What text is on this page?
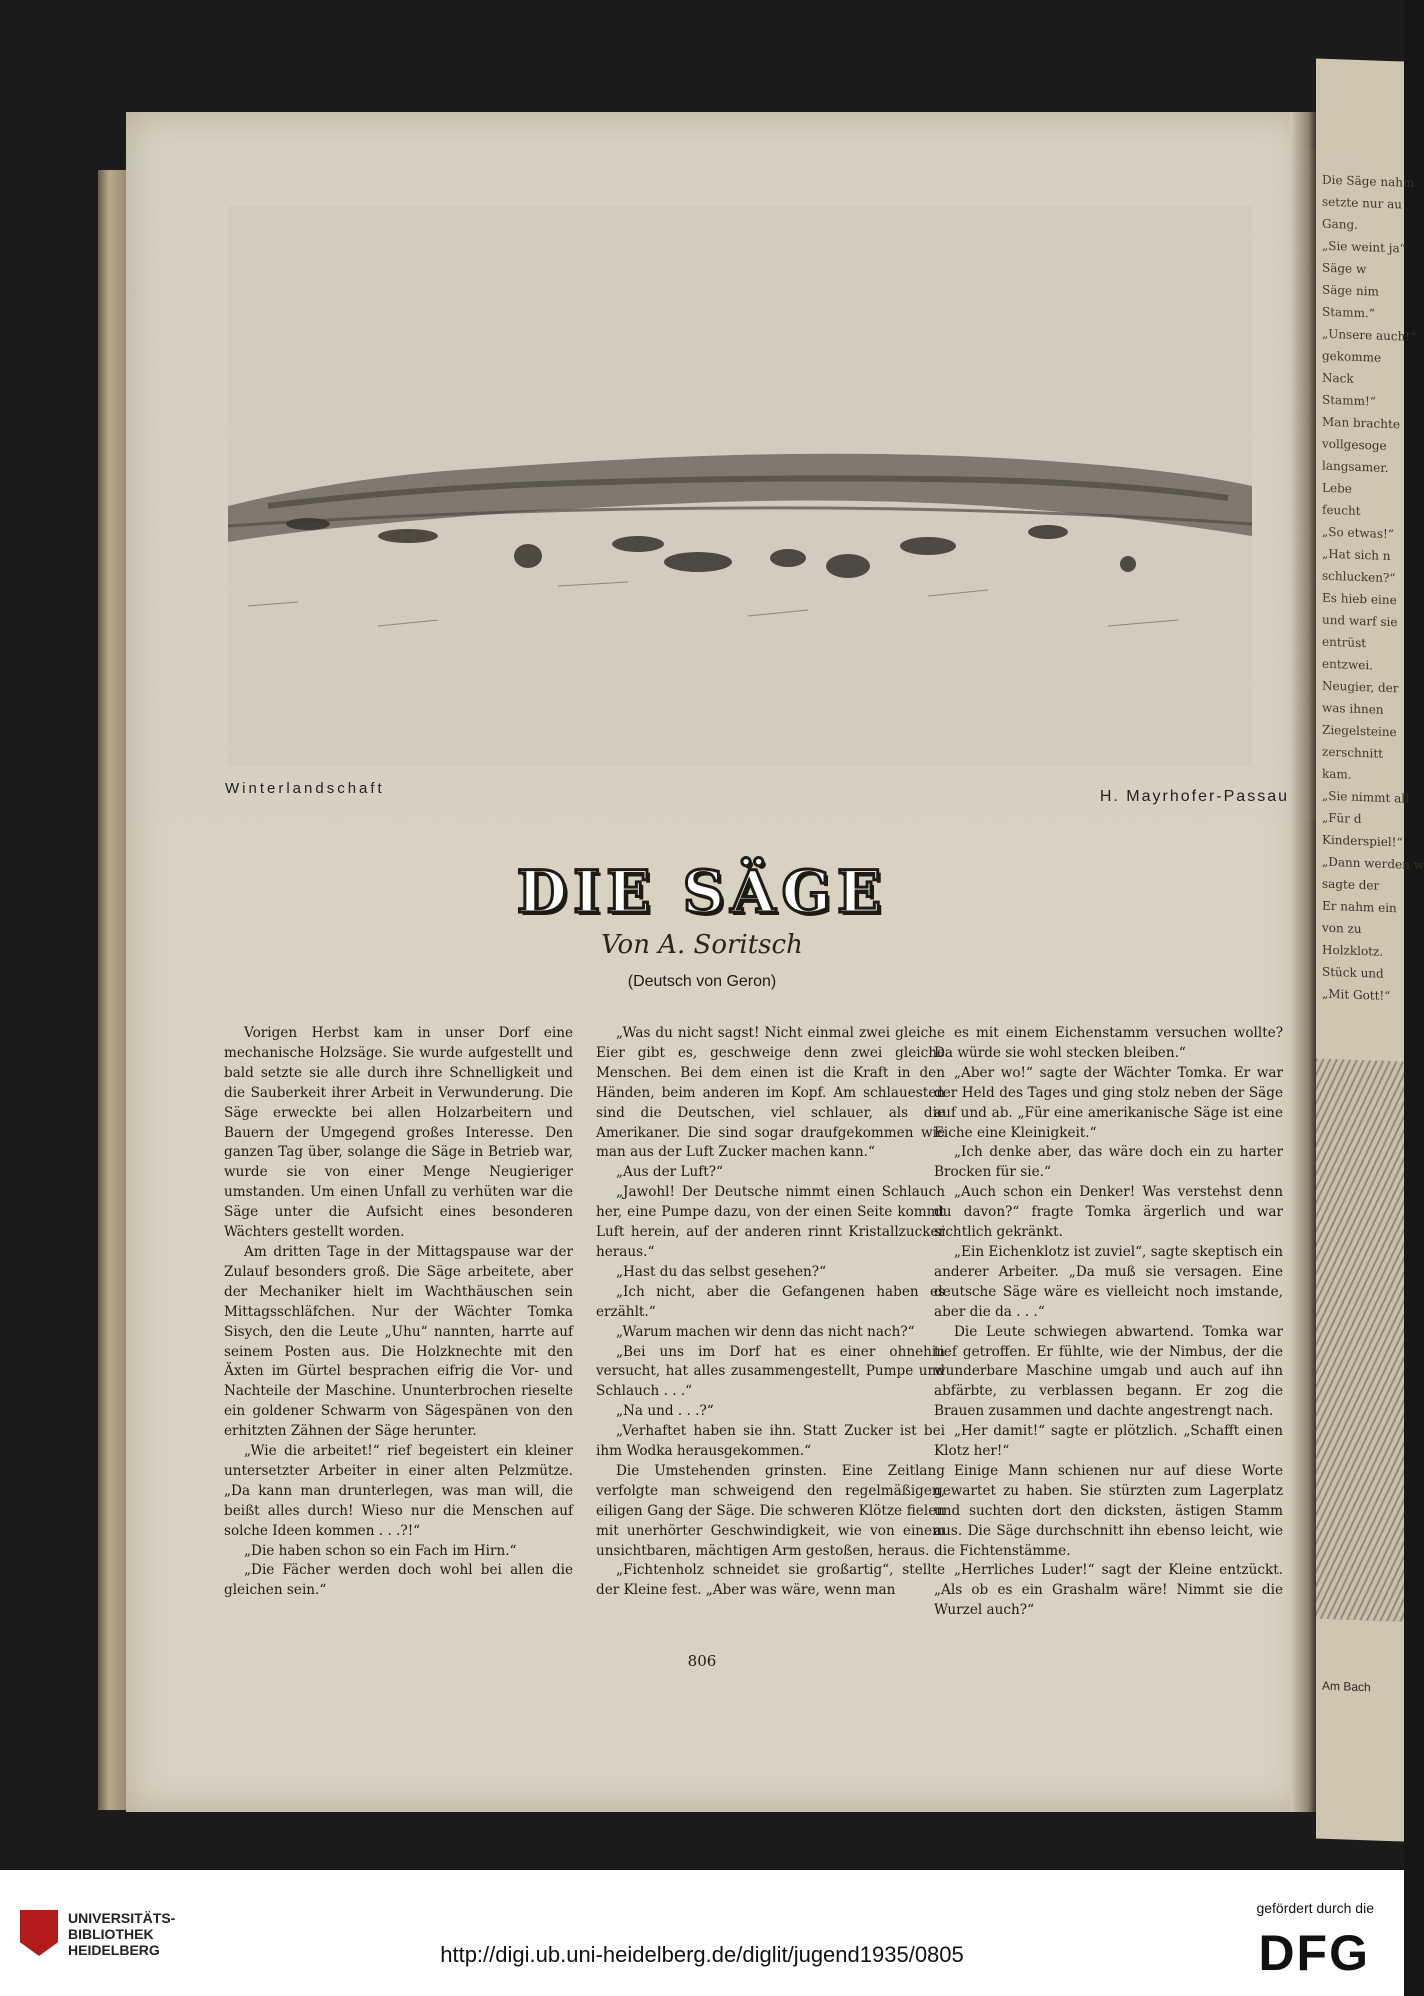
Die Säge nahm
setzte nur au
Gang.
„Sie weint ja“
Säge w
Säge nim
Stamm.“
„Unsere auch!“
gekomme
Nack
Stamm!“
Man brachte
vollgesoge
langsamer.
Lebe
feucht
„So etwas!“
„Hat sich n
schlucken?“
Es hieb eine
und warf sie
entrüst
entzwei.
Neugier, der
was ihnen
Ziegelsteine
zerschnitt
kam.
„Sie nimmt all
„Für d
Kinderspiel!“
„Dann werden w
sagte der
Er nahm ein
von zu
Holzklotz.
Stück und
„Mit Gott!“
Am Bach
Winterlandschaft	H. Mayrhofer-Passau
DIE SÄGE
Von A. Soritsch
(Deutsch von Geron)

Vorigen Herbst kam in unser Dorf eine mechanische Holzsäge. Sie wurde aufgestellt und bald setzte sie alle durch ihre Schnelligkeit und die Sauberkeit ihrer Arbeit in Verwunderung. Die Säge erweckte bei allen Holzarbeitern und Bauern der Umgegend großes Interesse. Den ganzen Tag über, solange die Säge in Betrieb war, wurde sie von einer Menge Neugieriger umstanden. Um einen Unfall zu verhüten war die Säge unter die Aufsicht eines besonderen Wächters gestellt worden.

Am dritten Tage in der Mittagspause war der Zulauf besonders groß. Die Säge arbeitete, aber der Mechaniker hielt im Wachthäuschen sein Mittagsschläfchen. Nur der Wächter Tomka Sisych, den die Leute „Uhu“ nannten, harrte auf seinem Posten aus. Die Holzknechte mit den Äxten im Gürtel besprachen eifrig die Vor- und Nachteile der Maschine. Ununterbrochen rieselte ein goldener Schwarm von Sägespänen von den erhitzten Zähnen der Säge herunter.

„Wie die arbeitet!“ rief begeistert ein kleiner untersetzter Arbeiter in einer alten Pelzmütze. „Da kann man drunterlegen, was man will, die beißt alles durch! Wieso nur die Menschen auf solche Ideen kommen . . .?!“

„Die haben schon so ein Fach im Hirn.“

„Die Fächer werden doch wohl bei allen die gleichen sein.“

„Was du nicht sagst! Nicht einmal zwei gleiche Eier gibt es, geschweige denn zwei gleiche Menschen. Bei dem einen ist die Kraft in den Händen, beim anderen im Kopf. Am schlauesten sind die Deutschen, viel schlauer, als die Amerikaner. Die sind sogar draufgekommen wie man aus der Luft Zucker machen kann.“

„Aus der Luft?“

„Jawohl! Der Deutsche nimmt einen Schlauch her, eine Pumpe dazu, von der einen Seite kommt Luft herein, auf der anderen rinnt Kristallzucker heraus.“

„Hast du das selbst gesehen?“

„Ich nicht, aber die Gefangenen haben es erzählt.“

„Warum machen wir denn das nicht nach?“

„Bei uns im Dorf hat es einer ohnehin versucht, hat alles zusammengestellt, Pumpe und Schlauch . . .“

„Na und . . .?“

„Verhaftet haben sie ihn. Statt Zucker ist bei ihm Wodka herausgekommen.“

Die Umstehenden grinsten. Eine Zeitlang verfolgte man schweigend den regelmäßigen, eiligen Gang der Säge. Die schweren Klötze fielen mit unerhörter Geschwindigkeit, wie von einem unsichtbaren, mächtigen Arm gestoßen, heraus.

„Fichtenholz schneidet sie großartig“, stellte der Kleine fest. „Aber was wäre, wenn man

es mit einem Eichenstamm versuchen wollte? Da würde sie wohl stecken bleiben.“

„Aber wo!“ sagte der Wächter Tomka. Er war der Held des Tages und ging stolz neben der Säge auf und ab. „Für eine amerikanische Säge ist eine Eiche eine Kleinigkeit.“

„Ich denke aber, das wäre doch ein zu harter Brocken für sie.“

„Auch schon ein Denker! Was verstehst denn du davon?“ fragte Tomka ärgerlich und war sichtlich gekränkt.

„Ein Eichenklotz ist zuviel“, sagte skeptisch ein anderer Arbeiter. „Da muß sie versagen. Eine deutsche Säge wäre es vielleicht noch imstande, aber die da . . .“

Die Leute schwiegen abwartend. Tomka war tief getroffen. Er fühlte, wie der Nimbus, der die wunderbare Maschine umgab und auch auf ihn abfärbte, zu verblassen begann. Er zog die Brauen zusammen und dachte angestrengt nach.

„Her damit!“ sagte er plötzlich. „Schafft einen Klotz her!“

Einige Mann schienen nur auf diese Worte gewartet zu haben. Sie stürzten zum Lagerplatz und suchten dort den dicksten, ästigen Stamm aus. Die Säge durchschnitt ihn ebenso leicht, wie die Fichtenstämme.

„Herrliches Luder!“ sagt der Kleine entzückt. „Als ob es ein Grashalm wäre! Nimmt sie die Wurzel auch?“

806
UNIVERSITÄTS-
BIBLIOTHEK
HEIDELBERG	http://digi.ub.uni-heidelberg.de/diglit/jugend1935/0805
gefördert durch die
DFG
